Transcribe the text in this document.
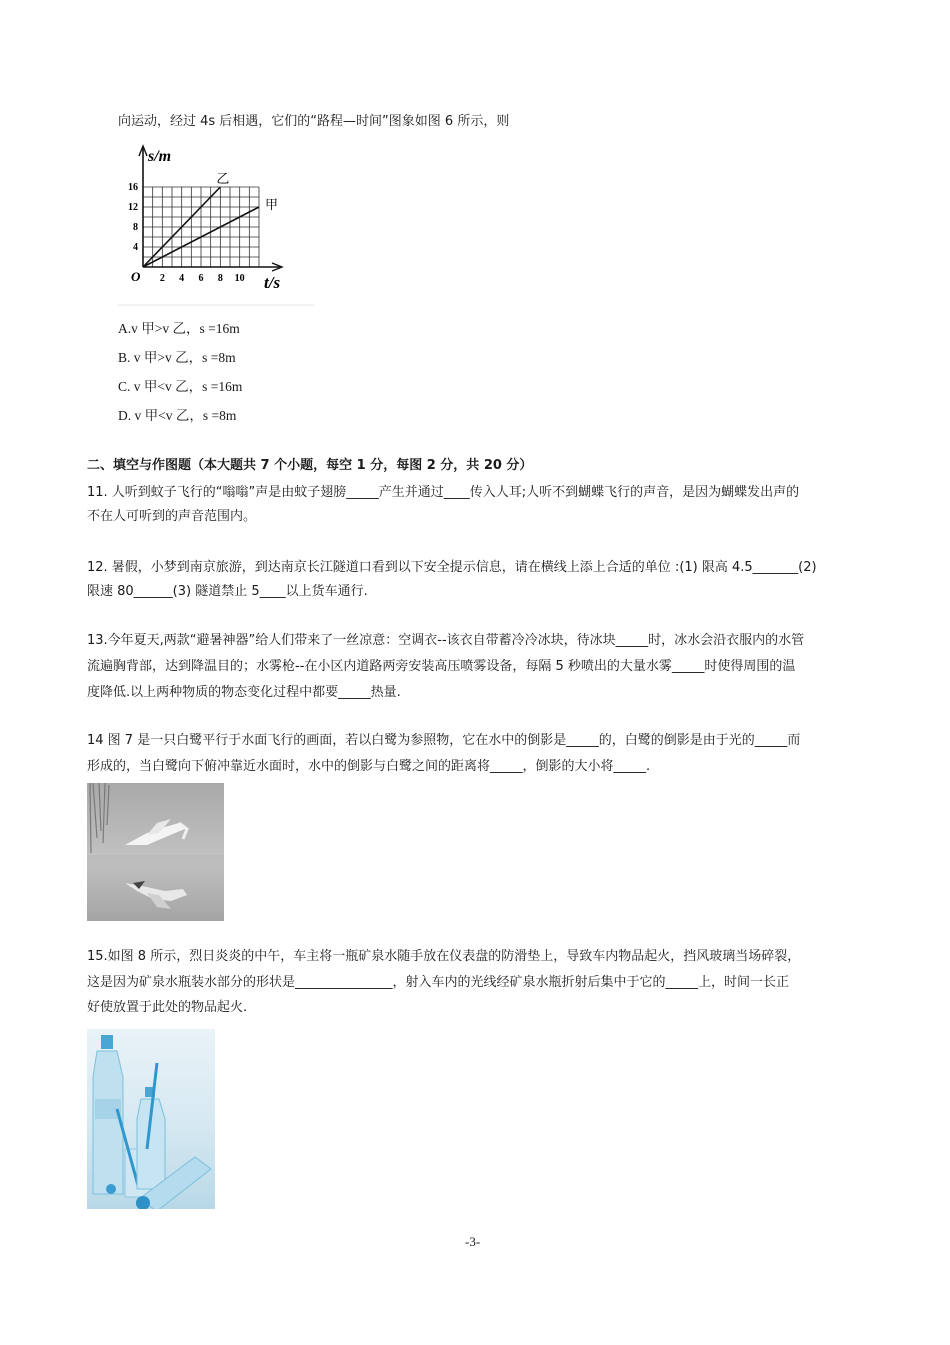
向运动，经过 4s 后相遇，它们的“路程—时间”图象如图 6 所示，则
2 4 6 8 10
4
8
12
16
乙
甲
s/m
t/s
O
A.v 甲>v 乙，s =16m
B. v 甲>v 乙，s =8m
C. v 甲<v 乙，s =16m
D. v 甲<v 乙，s =8m
二、填空与作图题（本大题共 7 个小题，每空 1 分，每图 2 分，共 20 分）
11. 人听到蚊子飞行的“嗡嗡”声是由蚊子翅膀_____产生并通过____传入人耳;人听不到蝴蝶飞行的声音，是因为蝴蝶发出声的
不在人可听到的声音范围内。
12. 暑假，小梦到南京旅游，到达南京长江隧道口看到以下安全提示信息，请在横线上添上合适的单位 :(1) 限高 4.5_______(2)
限速 80______(3) 隧道禁止 5____以上货车通行.
13.今年夏天,两款“避暑神器”给人们带来了一丝凉意：空调衣--该衣自带蓄冷冷冰块，待冰块_____时，冰水会沿衣服内的水管
流遍胸背部，达到降温目的；水雾枪--在小区内道路两旁安装高压喷雾设备，每隔 5 秒喷出的大量水雾_____时使得周围的温
度降低.以上两种物质的物态变化过程中都要_____热量.
14 图 7 是一只白鹭平行于水面飞行的画面，若以白鹭为参照物，它在水中的倒影是_____的，白鹭的倒影是由于光的_____而
形成的，当白鹭向下俯冲靠近水面时，水中的倒影与白鹭之间的距离将_____，倒影的大小将_____.
15.如图 8 所示，烈日炎炎的中午，车主将一瓶矿泉水随手放在仪表盘的防滑垫上，导致车内物品起火，挡风玻璃当场碎裂，
这是因为矿泉水瓶装水部分的形状是_______________，射入车内的光线经矿泉水瓶折射后集中于它的_____上，时间一长正
好使放置于此处的物品起火.
-3-
